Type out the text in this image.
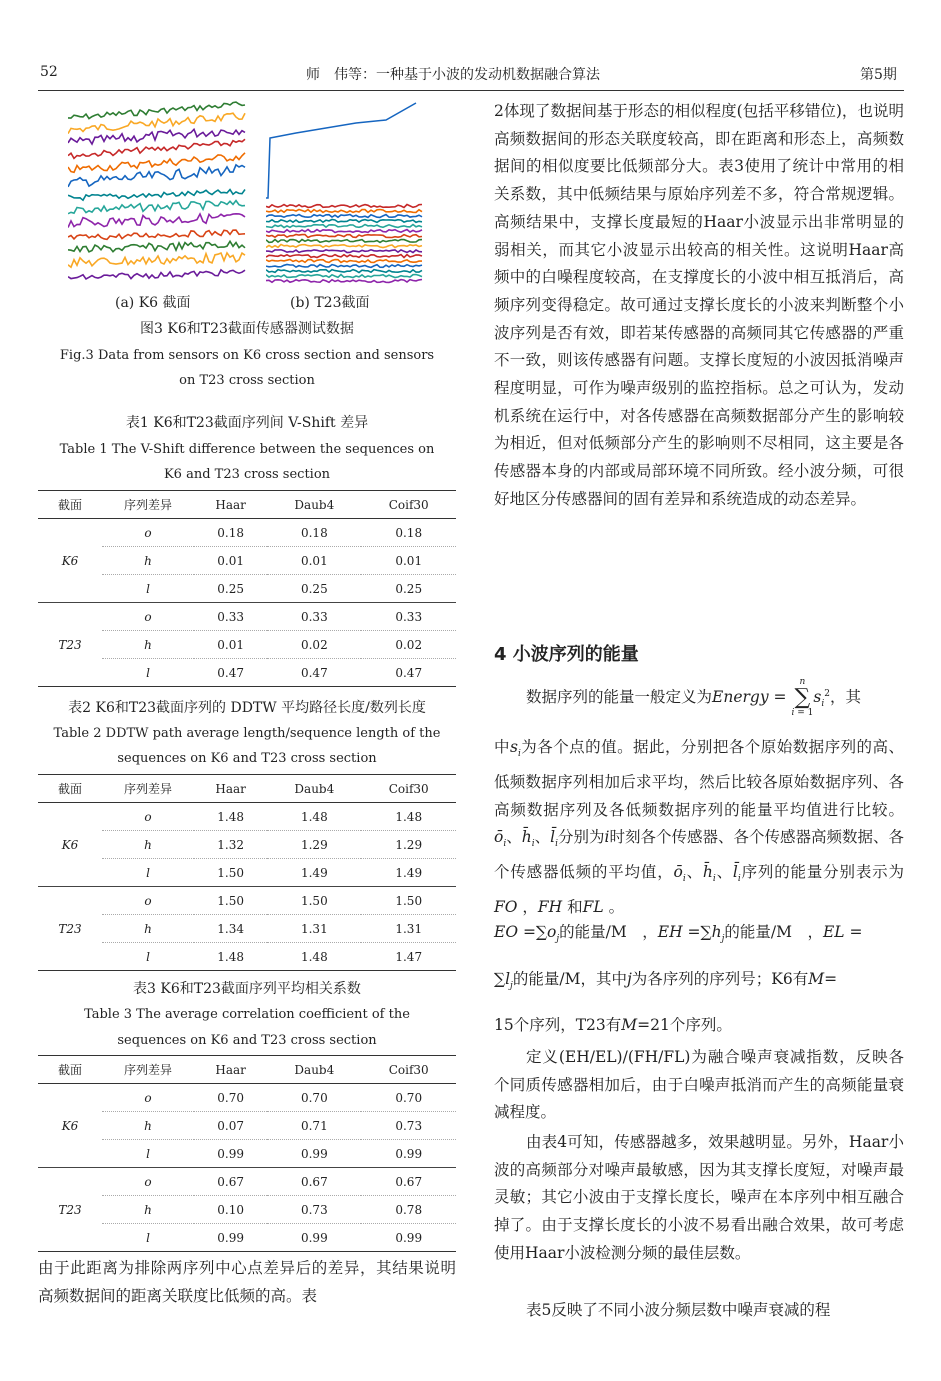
52	师　伟等：一种基于小波的发动机数据融合算法	第5期
(a) K6 截面	(b) T23截面
图3 K6和T23截面传感器测试数据
Fig.3 Data from sensors on K6 cross section and sensors
on T23 cross section
表1 K6和T23截面序列间 V-Shift 差异
Table 1 The V-Shift difference between the sequences on
K6 and T23 cross section
截面	序列差异	Haar	Daub4	Coif30
K6	o	0.18	0.18	0.18
	h	0.01	0.01	0.01
	l	0.25	0.25	0.25
T23	o	0.33	0.33	0.33
	h	0.01	0.02	0.02
	l	0.47	0.47	0.47
表2 K6和T23截面序列的 DDTW 平均路径长度/数列长度
Table 2 DDTW path average length/sequence length of the
sequences on K6 and T23 cross section
截面	序列差异	Haar	Daub4	Coif30
K6	o	1.48	1.48	1.48
	h	1.32	1.29	1.29
	l	1.50	1.49	1.49
T23	o	1.50	1.50	1.50
	h	1.34	1.31	1.31
	l	1.48	1.48	1.47
表3 K6和T23截面序列平均相关系数
Table 3 The average correlation coefficient of the
sequences on K6 and T23 cross section
截面	序列差异	Haar	Daub4	Coif30
K6	o	0.70	0.70	0.70
	h	0.07	0.71	0.73
	l	0.99	0.99	0.99
T23	o	0.67	0.67	0.67
	h	0.10	0.73	0.78
	l	0.99	0.99	0.99

由于此距离为排除两序列中心点差异后的差异，其结果说明高频数据间的距离关联度比低频的高。表

2体现了数据间基于形态的相似程度(包括平移错位)，也说明高频数据间的形态关联度较高，即在距离和形态上，高频数据间的相似度要比低频部分大。表3使用了统计中常用的相关系数，其中低频结果与原始序列差不多，符合常规逻辑。高频结果中，支撑长度最短的Haar小波显示出非常明显的弱相关，而其它小波显示出较高的相关性。这说明Haar高频中的白噪程度较高，在支撑度长的小波中相互抵消后，高频序列变得稳定。故可通过支撑长度长的小波来判断整个小波序列是否有效，即若某传感器的高频同其它传感器的严重不一致，则该传感器有问题。支撑长度短的小波因抵消噪声程度明显，可作为噪声级别的监控指标。总之可认为，发动机系统在运行中，对各传感器在高频数据部分产生的影响较为相近，但对低频部分产生的影响则不尽相同，这主要是各传感器本身的内部或局部环境不同所致。经小波分频，可很好地区分传感器间的固有差异和系统造成的动态差异。

4 小波序列的能量
数据序列的能量一般定义为Energy =
n
∑
i = 1
$s_i^2$，其
中$s_i$为各个点的值。据此，分别把各个原始数据序列的高、低频数据序列相加后求平均，然后比较各原始数据序列、各高频数据序列及各低频数据序列的能量平均值进行比较。$ō_i$、$h̄_i$、$l̄_i$分别为i时刻各个传感器、各个传感器高频数据、各个传感器低频的平均值，$ō_i$、$h̄_i$、$l̄_i$序列的能量分别表示为FO ，FH 和FL 。
EO $=\sum o_j$的能量/M　，EH $=\sum h_j$的能量/M　，EL =
$\sum l_j$的能量/M，其中j为各序列的序列号；K6有M=
15个序列，T23有M=21个序列。

定义(EH/EL)/(FH/FL)为融合噪声衰减指数，反映各个同质传感器相加后，由于白噪声抵消而产生的高频能量衰减程度。

由表4可知，传感器越多，效果越明显。另外，Haar小波的高频部分对噪声最敏感，因为其支撑长度短，对噪声最灵敏；其它小波由于支撑长度长，噪声在本序列中相互融合掉了。由于支撑长度长的小波不易看出融合效果，故可考虑使用Haar小波检测分频的最佳层数。

表5反映了不同小波分频层数中噪声衰减的程
